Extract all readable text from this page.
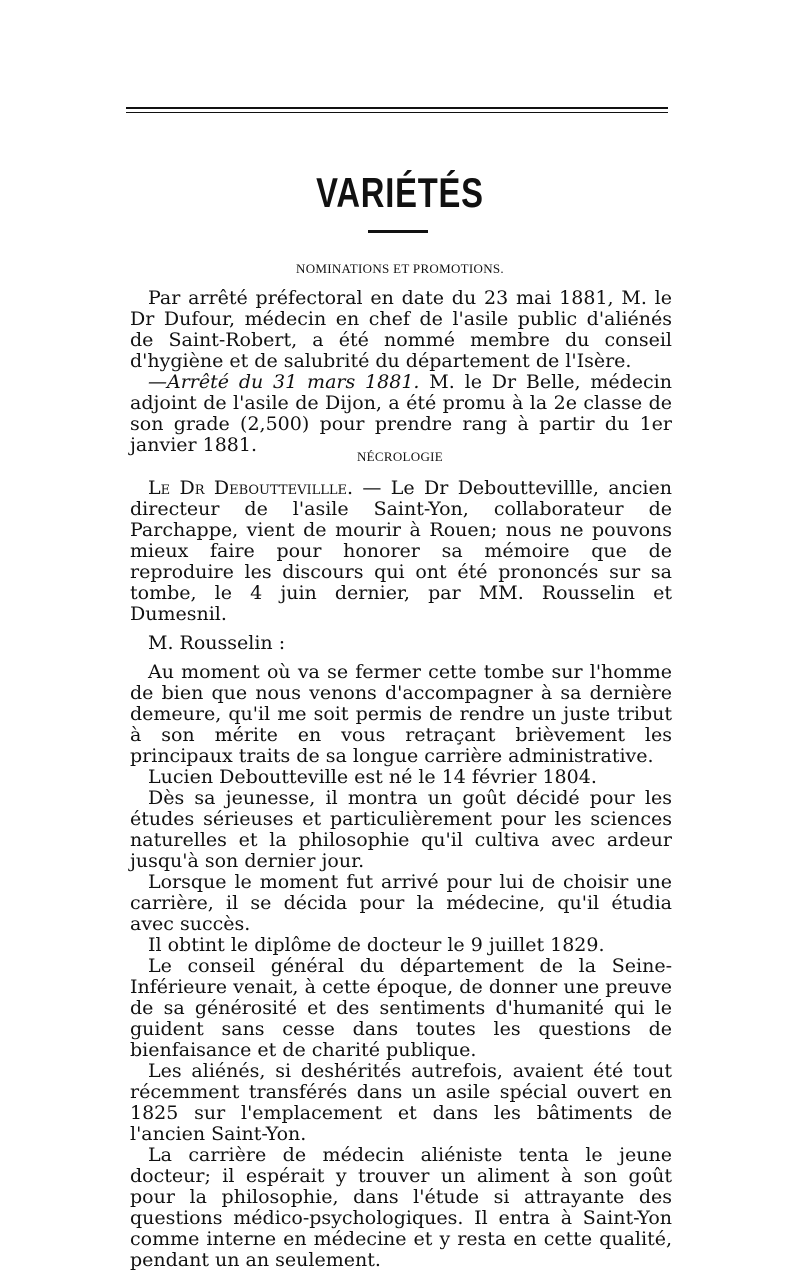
VARIÉTÉS
NOMINATIONS ET PROMOTIONS.

Par arrêté préfectoral en date du 23 mai 1881, M. le Dr Dufour, médecin en chef de l'asile public d'aliénés de Saint-Robert, a été nommé membre du conseil d'hygiène et de salubrité du département de l'Isère.

—Arrêté du 31 mars 1881. M. le Dr Belle, médecin adjoint de l'asile de Dijon, a été promu à la 2e classe de son grade (2,500) pour prendre rang à partir du 1er janvier 1881.

NÉCROLOGIE

Le Dr Debouttevillle. — Le Dr Debouttevillle, ancien directeur de l'asile Saint-Yon, collaborateur de Parchappe, vient de mourir à Rouen; nous ne pouvons mieux faire pour honorer sa mémoire que de reproduire les discours qui ont été prononcés sur sa tombe, le 4 juin dernier, par MM. Rousselin et Dumesnil.

M. Rousselin :

Au moment où va se fermer cette tombe sur l'homme de bien que nous venons d'accompagner à sa dernière demeure, qu'il me soit permis de rendre un juste tribut à son mérite en vous retraçant brièvement les principaux traits de sa longue carrière administrative.

Lucien Deboutteville est né le 14 février 1804.

Dès sa jeunesse, il montra un goût décidé pour les études sérieuses et particulièrement pour les sciences naturelles et la philosophie qu'il cultiva avec ardeur jusqu'à son dernier jour.

Lorsque le moment fut arrivé pour lui de choisir une carrière, il se décida pour la médecine, qu'il étudia avec succès.

Il obtint le diplôme de docteur le 9 juillet 1829.

Le conseil général du département de la Seine-Inférieure venait, à cette époque, de donner une preuve de sa générosité et des sentiments d'humanité qui le guident sans cesse dans toutes les questions de bienfaisance et de charité publique.

Les aliénés, si deshérités autrefois, avaient été tout récemment transférés dans un asile spécial ouvert en 1825 sur l'emplacement et dans les bâtiments de l'ancien Saint-Yon.

La carrière de médecin aliéniste tenta le jeune docteur; il espérait y trouver un aliment à son goût pour la philosophie, dans l'étude si attrayante des questions médico-psychologiques. Il entra à Saint-Yon comme interne en médecine et y resta en cette qualité, pendant un an seulement.
